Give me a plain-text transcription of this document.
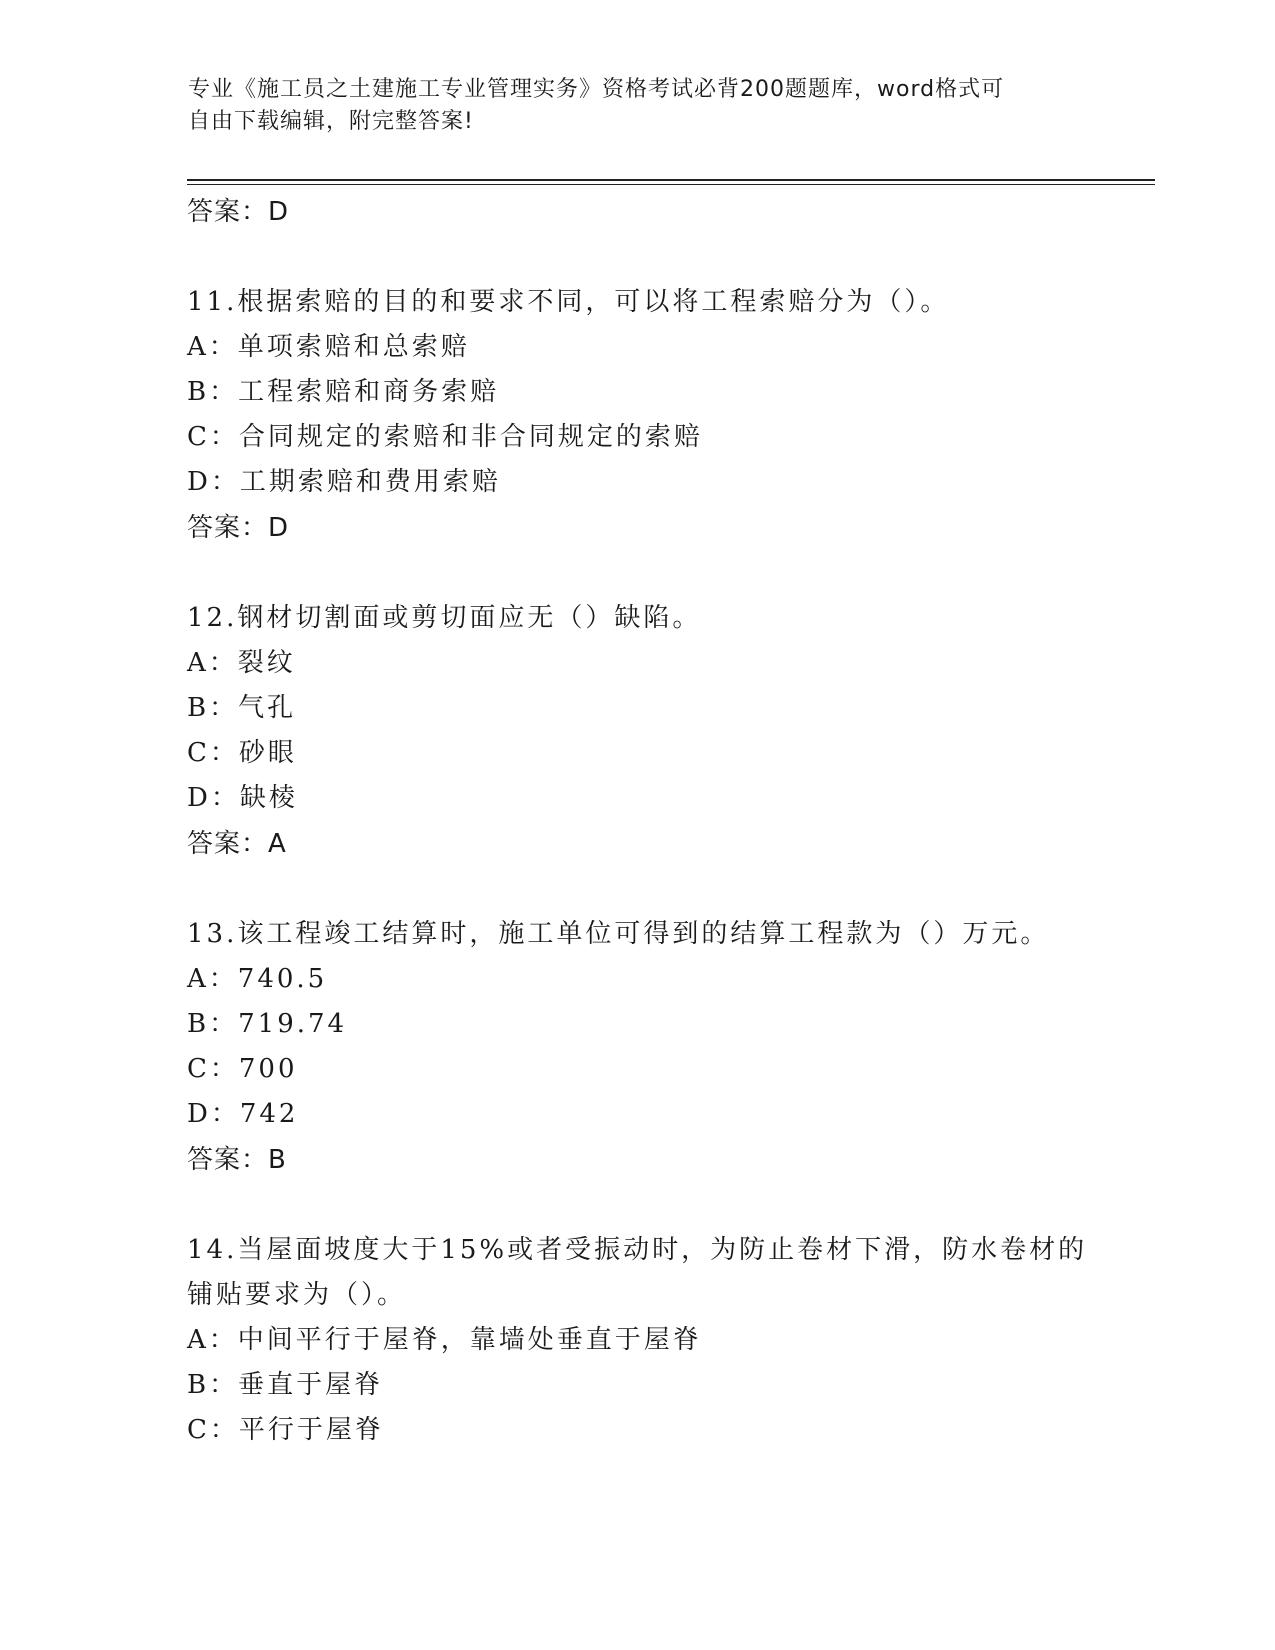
专业《施工员之土建施工专业管理实务》资格考试必背200题题库，word格式可
自由下载编辑，附完整答案!
答案：D
11.根据索赔的目的和要求不同，可以将工程索赔分为（）。
A：单项索赔和总索赔
B：工程索赔和商务索赔
C：合同规定的索赔和非合同规定的索赔
D：工期索赔和费用索赔
答案：D
12.钢材切割面或剪切面应无（）缺陷。
A：裂纹
B：气孔
C：砂眼
D：缺棱
答案：A
13.该工程竣工结算时，施工单位可得到的结算工程款为（）万元。
A：740.5
B：719.74
C：700
D：742
答案：B
14.当屋面坡度大于15%或者受振动时，为防止卷材下滑，防水卷材的
铺贴要求为（）。
A：中间平行于屋脊，靠墙处垂直于屋脊
B：垂直于屋脊
C：平行于屋脊
